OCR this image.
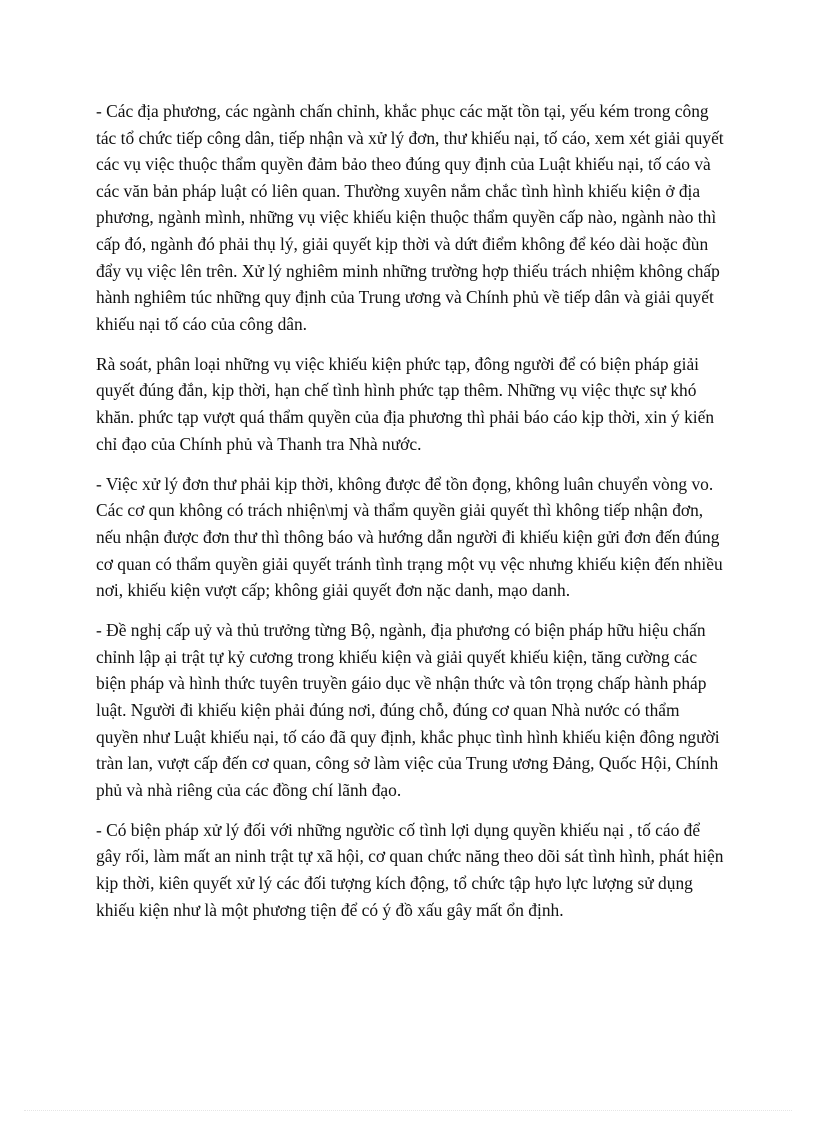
- Các địa phương, các ngành chấn chỉnh, khắc phục các mặt tồn tại, yếu kém trong công tác tổ chức tiếp công dân, tiếp nhận và xử lý đơn, thư khiếu nại, tố cáo, xem xét giải quyết các vụ việc thuộc thẩm quyền đảm bảo theo đúng quy định của Luật khiếu nại, tố cáo và các văn bản pháp luật có liên quan. Thường xuyên nắm chắc tình hình khiếu kiện ở địa phương, ngành mình, những vụ việc khiếu kiện thuộc thẩm quyền cấp nào, ngành nào thì cấp đó, ngành đó phải thụ lý, giải quyết kịp thời và dứt điểm không để kéo dài hoặc đùn đẩy vụ việc lên trên. Xử lý nghiêm minh những trường hợp thiếu trách nhiệm không chấp hành nghiêm túc những quy định của Trung ương và Chính phủ về tiếp dân và giải quyết khiếu nại tố cáo của công dân.

Rà soát, phân loại những vụ việc khiếu kiện phức tạp, đông người để có biện pháp giải quyết đúng đắn, kịp thời, hạn chế tình hình phức tạp thêm. Những vụ việc thực sự khó khăn. phức tạp vượt quá thẩm quyền của địa phương thì phải báo cáo kịp thời, xin ý kiến chỉ đạo của Chính phủ và Thanh tra Nhà nước.

- Việc xử lý đơn thư phải kịp thời, không được để tồn đọng, không luân chuyển vòng vo. Các cơ qun không có trách nhiện\mj và thẩm quyền giải quyết thì không tiếp nhận đơn, nếu nhận được đơn thư thì thông báo và hướng dẫn người đi khiếu kiện gửi đơn đến đúng cơ quan có thẩm quyền giải quyết tránh tình trạng một vụ vệc nhưng khiếu kiện đến nhiều nơi, khiếu kiện vượt cấp; không giải quyết đơn nặc danh, mạo danh.

- Đề nghị cấp uỷ và thủ trưởng từng Bộ, ngành, địa phương có biện pháp hữu hiệu chấn chỉnh lập ại trật tự kỷ cương trong khiếu kiện và giải quyết khiếu kiện, tăng cường các biện pháp và hình thức tuyên truyền gáio dục về nhận thức và tôn trọng chấp hành pháp luật. Người đi khiếu kiện phải đúng nơi, đúng chỗ, đúng cơ quan Nhà nước có thẩm quyền như Luật khiếu nại, tố cáo đã quy định, khắc phục tình hình khiếu kiện đông người tràn lan, vượt cấp đến cơ quan, công sở làm việc của Trung ương Đảng, Quốc Hội, Chính phủ và nhà riêng của các đồng chí lãnh đạo.

- Có biện pháp xử lý đối với những ngườic cố tình lợi dụng quyền khiếu nại , tố cáo để gây rối, làm mất an ninh trật tự xã hội, cơ quan chức năng theo dõi sát tình hình, phát hiện kịp thời, kiên quyết xử lý các đối tượng kích động, tổ chức tập hựo lực lượng sử dụng khiếu kiện như là một phương tiện để có ý đồ xấu gây mất ổn định.
